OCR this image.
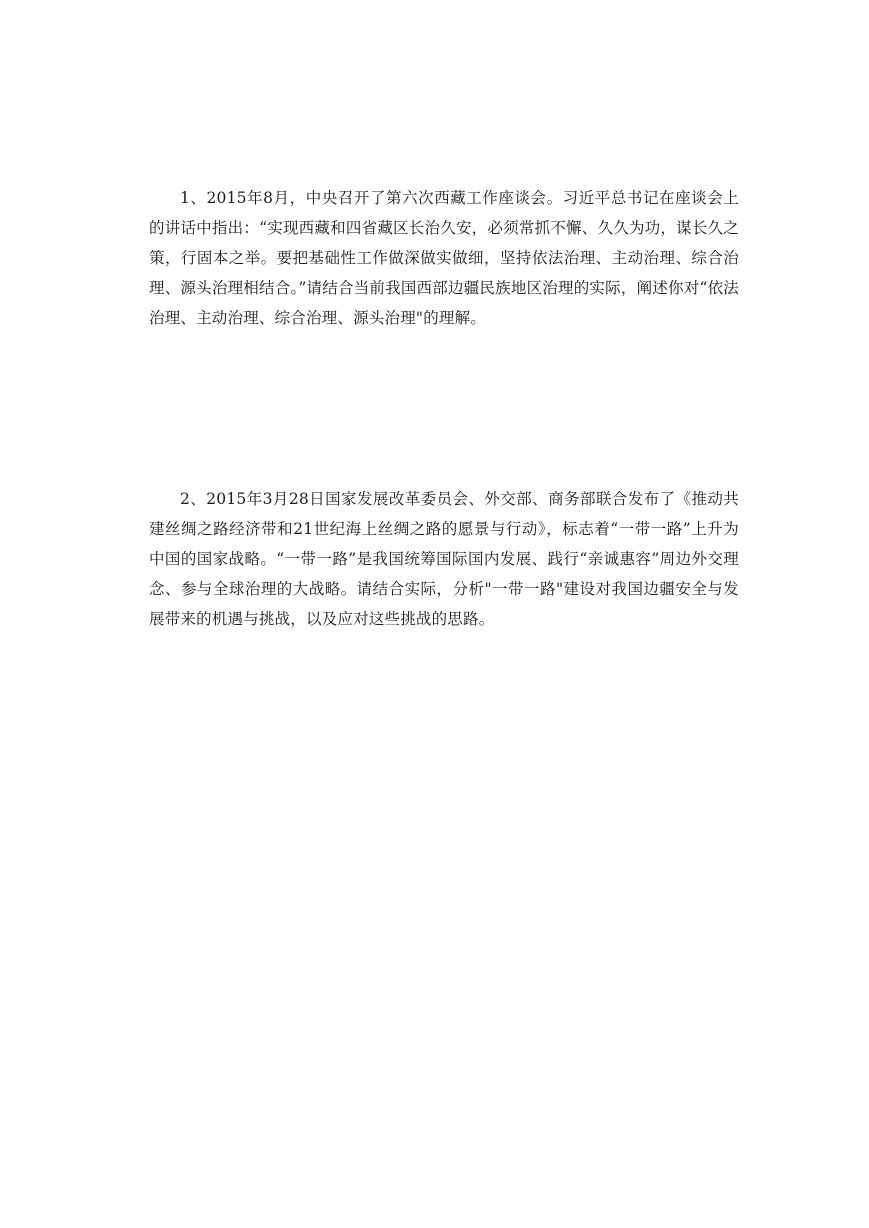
1、2015年8月，中央召开了第六次西藏工作座谈会。习近平总书记在座谈会上的讲话中指出：“实现西藏和四省藏区长治久安，必须常抓不懈、久久为功，谋长久之策，行固本之举。要把基础性工作做深做实做细，坚持依法治理、主动治理、综合治理、源头治理相结合。”请结合当前我国西部边疆民族地区治理的实际，阐述你对“依法治理、主动治理、综合治理、源头治理"的理解。

2、2015年3月28日国家发展改革委员会、外交部、商务部联合发布了《推动共建丝绸之路经济带和21世纪海上丝绸之路的愿景与行动》，标志着“一带一路”上升为中国的国家战略。“一带一路”是我国统筹国际国内发展、践行“亲诚惠容”周边外交理念、参与全球治理的大战略。请结合实际，分析"一带一路"建设对我国边疆安全与发展带来的机遇与挑战，以及应对这些挑战的思路。
